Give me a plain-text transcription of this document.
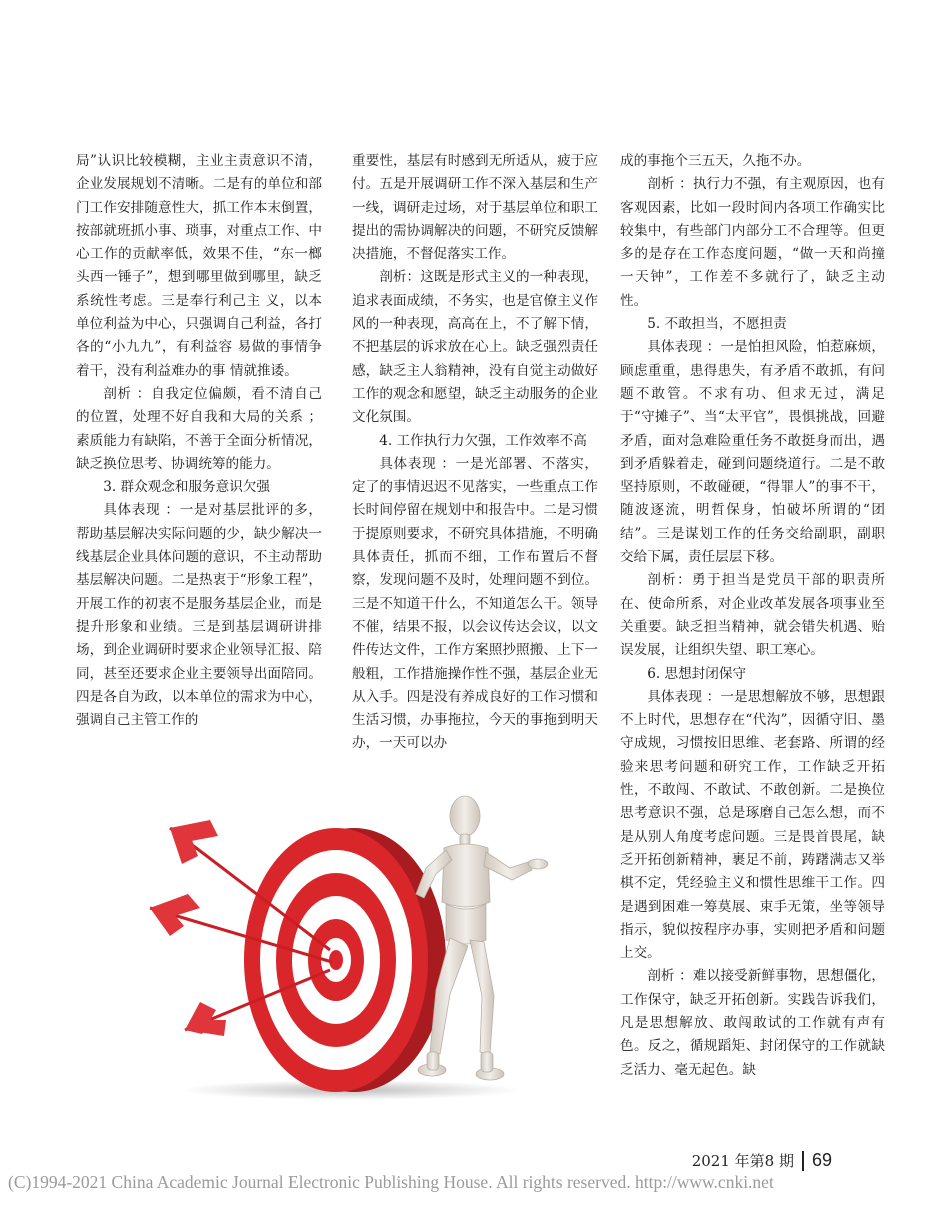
局”认识比较模糊，主业主责意识不清，企业发展规划不清晰。二是有的单位和部门工作安排随意性大，抓工作本末倒置，按部就班抓小事、琐事，对重点工作、中心工作的贡献率低，效果不佳，“东一榔头西一锤子”，想到哪里做到哪里，缺乏系统性考虑。三是奉行利己主 义，以本单位利益为中心，只强调自己利益，各打各的“小九九”，有利益容 易做的事情争着干，没有利益难办的事 情就推诿。

剖析 ：自我定位偏颇，看不清自己的位置，处理不好自我和大局的关系 ；素质能力有缺陷，不善于全面分析情况，缺乏换位思考、协调统筹的能力。

3. 群众观念和服务意识欠强

具体表现 ：一是对基层批评的多，帮助基层解决实际问题的少，缺少解决一线基层企业具体问题的意识，不主动帮助基层解决问题。二是热衷于“形象工程”，开展工作的初衷不是服务基层企业，而是提升形象和业绩。三是到基层调研讲排场，到企业调研时要求企业领导汇报、陪同，甚至还要求企业主要领导出面陪同。四是各自为政，以本单位的需求为中心，强调自己主管工作的

重要性，基层有时感到无所适从，疲于应付。五是开展调研工作不深入基层和生产一线，调研走过场，对于基层单位和职工提出的需协调解决的问题，不研究反馈解决措施，不督促落实工作。

剖析：这既是形式主义的一种表现，追求表面成绩，不务实，也是官僚主义作风的一种表现，高高在上，不了解下情，不把基层的诉求放在心上。缺乏强烈责任感，缺乏主人翁精神，没有自觉主动做好工作的观念和愿望，缺乏主动服务的企业文化氛围。

4. 工作执行力欠强，工作效率不高

具体表现 ：一是光部署、不落实，定了的事情迟迟不见落实，一些重点工作长时间停留在规划中和报告中。二是习惯于提原则要求，不研究具体措施，不明确具体责任，抓而不细，工作布置后不督察，发现问题不及时，处理问题不到位。三是不知道干什么，不知道怎么干。领导不催，结果不报，以会议传达会议，以文件传达文件，工作方案照抄照搬、上下一般粗，工作措施操作性不强，基层企业无从入手。四是没有养成良好的工作习惯和生活习惯，办事拖拉，今天的事拖到明天办，一天可以办

成的事拖个三五天，久拖不办。

剖析 ：执行力不强，有主观原因，也有客观因素，比如一段时间内各项工作确实比较集中，有些部门内部分工不合理等。但更多的是存在工作态度问题，“做一天和尚撞一天钟”，工作差不多就行了，缺乏主动性。

5. 不敢担当，不愿担责

具体表现 ：一是怕担风险，怕惹麻烦，顾虑重重，患得患失，有矛盾不敢抓，有问题不敢管。不求有功、但求无过，满足于“守摊子”、当“太平官”，畏惧挑战，回避矛盾，面对急难险重任务不敢挺身而出，遇到矛盾躲着走，碰到问题绕道行。二是不敢坚持原则，不敢碰硬，“得罪人”的事不干，随波逐流，明哲保身，怕破坏所谓的“团结”。三是谋划工作的任务交给副职，副职交给下属，责任层层下移。

剖析：勇于担当是党员干部的职责所在、使命所系，对企业改革发展各项事业至关重要。缺乏担当精神，就会错失机遇、贻误发展，让组织失望、职工寒心。

6. 思想封闭保守

具体表现 ：一是思想解放不够，思想跟不上时代，思想存在“代沟”，因循守旧、墨守成规，习惯按旧思维、老套路、所谓的经验来思考问题和研究工作，工作缺乏开拓性，不敢闯、不敢试、不敢创新。二是换位思考意识不强，总是琢磨自己怎么想，而不是从别人角度考虑问题。三是畏首畏尾，缺乏开拓创新精神，裹足不前，踌躇满志又举棋不定，凭经验主义和惯性思维干工作。四是遇到困难一筹莫展、束手无策，坐等领导指示，貌似按程序办事，实则把矛盾和问题上交。

剖析 ：难以接受新鲜事物，思想僵化，工作保守，缺乏开拓创新。实践告诉我们，凡是思想解放、敢闯敢试的工作就有声有色。反之，循规蹈矩、封闭保守的工作就缺乏活力、毫无起色。缺

2021 年第8 期 69
(C)1994-2021 China Academic Journal Electronic Publishing House. All rights reserved. http://www.cnki.net
